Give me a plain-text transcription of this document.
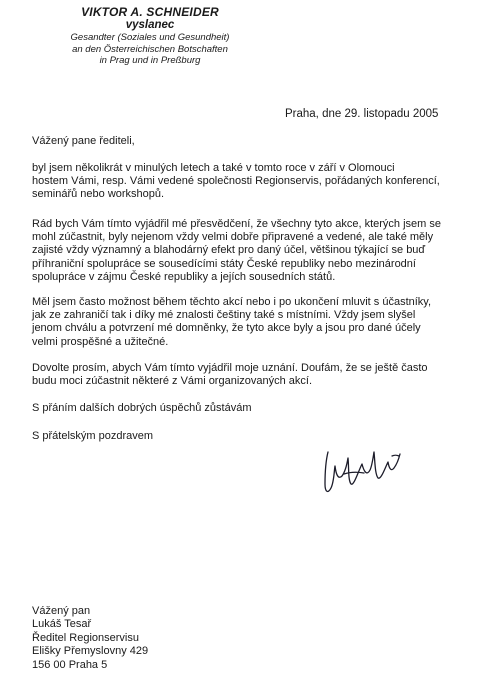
VIKTOR A. SCHNEIDER
vyslanec
Gesandter (Soziales und Gesundheit)
an den Österreichischen Botschaften
in Prag und in Preßburg
Praha, dne 29. listopadu 2005
Vážený pane řediteli,
byl jsem několikrát v minulých letech a také v tomto roce v září v Olomouci
hostem Vámi, resp. Vámi vedené společnosti Regionservis, pořádaných konferencí,
seminářů nebo workshopů.
Rád bych Vám tímto vyjádřil mé přesvědčení, že všechny tyto akce, kterých jsem se
mohl zúčastnit, byly nejenom vždy velmi dobře připravené a vedené, ale také měly
zajisté vždy významný a blahodárný efekt pro daný účel, většinou týkající se buď
příhraniční spolupráce se sousedícími státy České republiky nebo mezinárodní
spolupráce v zájmu České republiky a jejích sousedních států.
Měl jsem často možnost během těchto akcí nebo i po ukončení mluvit s účastníky,
jak ze zahraničí tak i díky mé znalosti češtiny také s místními. Vždy jsem slyšel
jenom chválu a potvrzení mé domněnky, že tyto akce byly a jsou pro dané účely
velmi prospěšné a užitečné.
Dovolte prosím, abych Vám tímto vyjádřil moje uznání. Doufám, že se ještě často
budu moci zúčastnit některé z Vámi organizovaných akcí.
S přáním dalších dobrých úspěchů zůstávám
S přátelským pozdravem
Vážený pan
Lukáš Tesař
Ředitel Regionservisu
Elišky Přemyslovny 429
156 00 Praha 5
